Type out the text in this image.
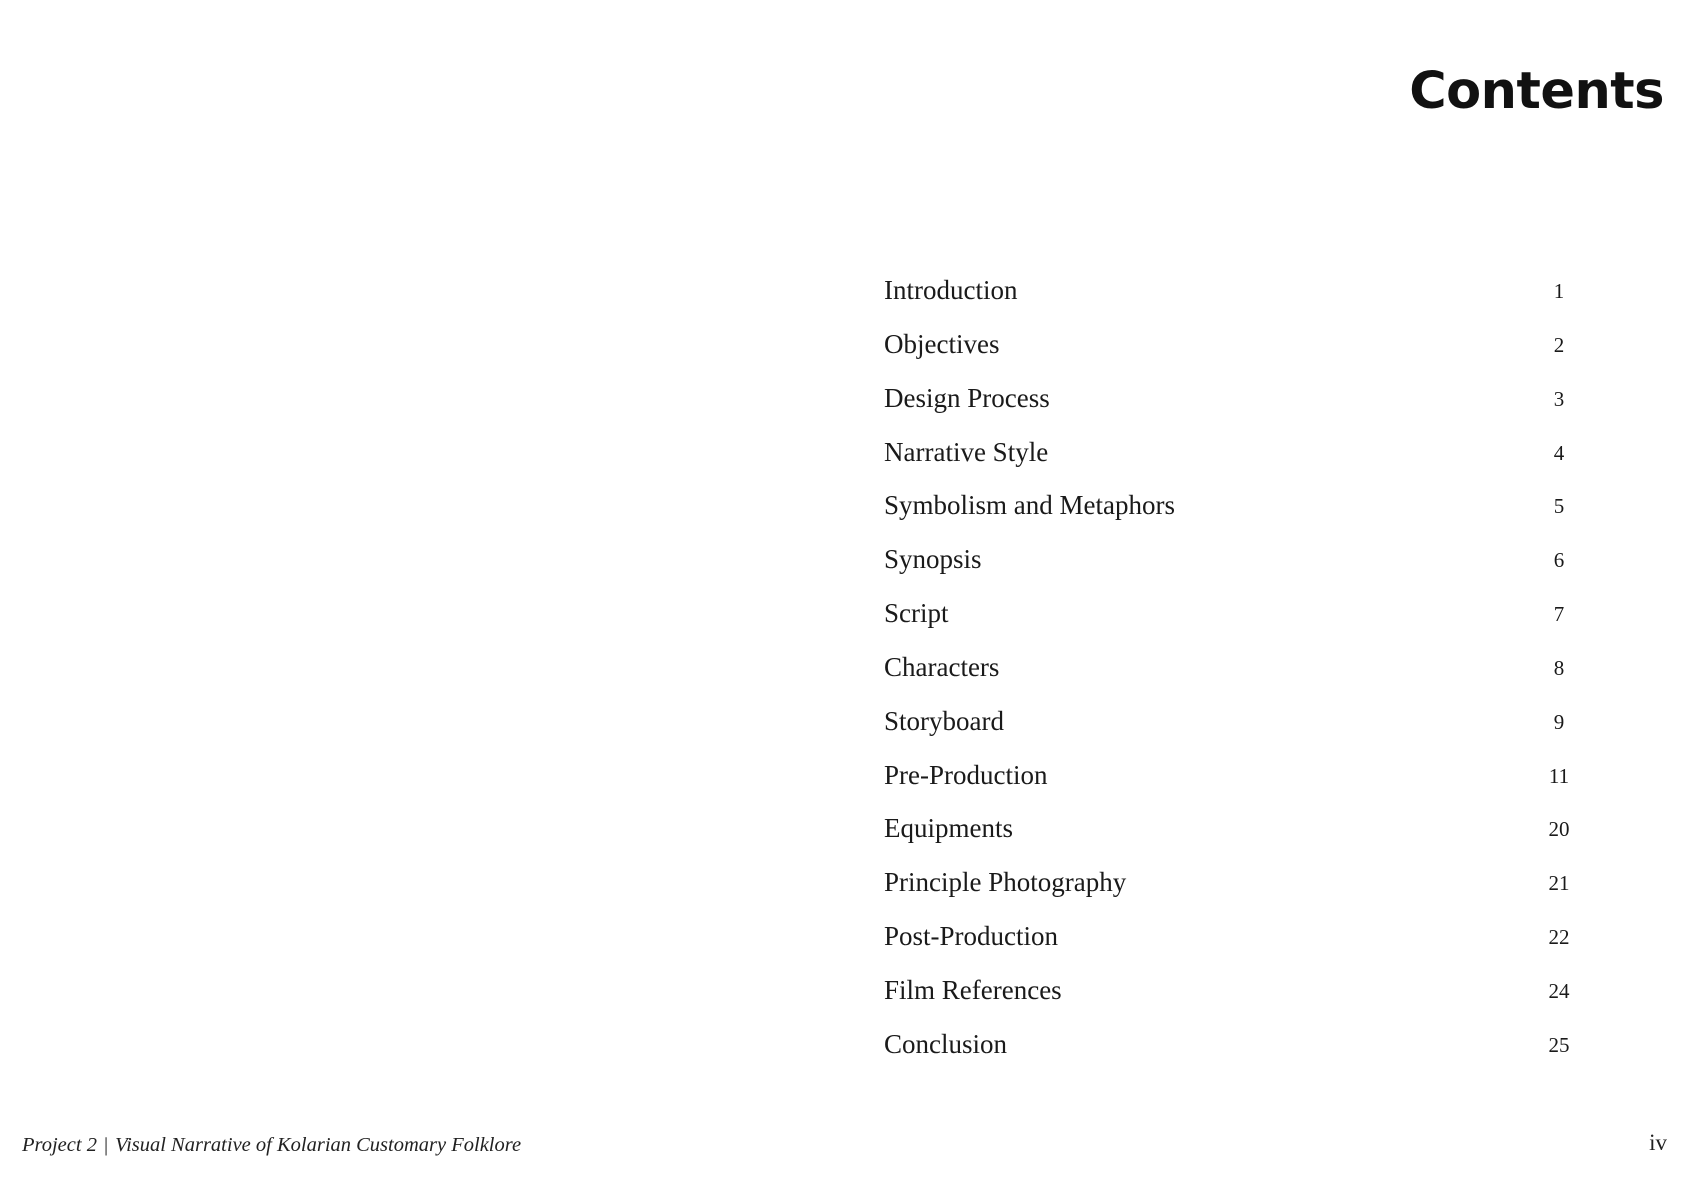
Contents
Introduction	1
Objectives	2
Design Process	3
Narrative Style	4
Symbolism and Metaphors	5
Synopsis	6
Script	7
Characters	8
Storyboard	9
Pre-Production	11
Equipments	20
Principle Photography	21
Post-Production	22
Film References	24
Conclusion	25
Project 2 | Visual Narrative of Kolarian Customary Folklore	iv
